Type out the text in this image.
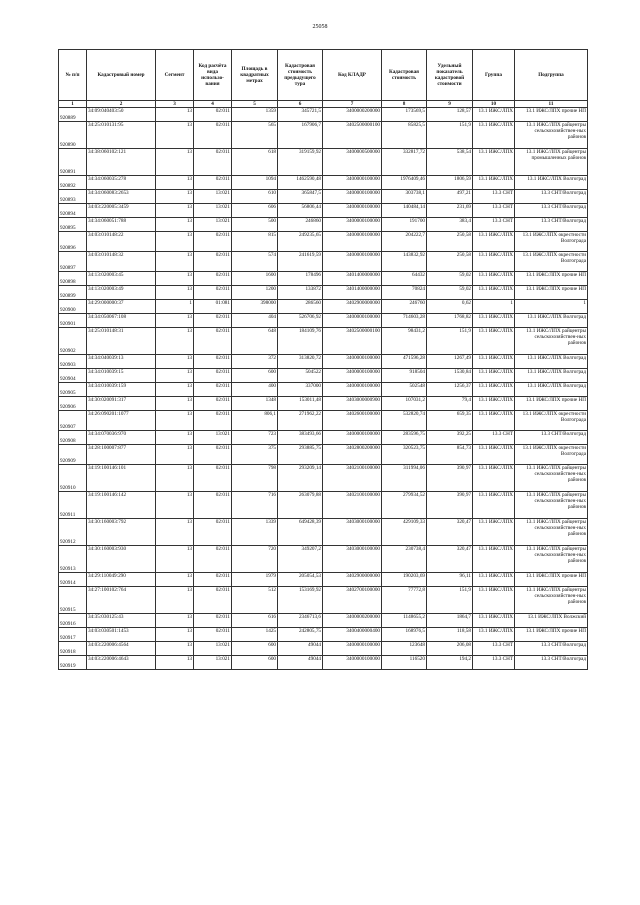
25058
№ п/п	Кадастровый номер	Сегмент	Код расчёта вида использо-вания	Площадь в квадратных метрах	Кадастровая стоимость предыдущего тура	Код КЛАДР	Кадастровая стоимость	Удельный показатель кадастровой стоимости	Группа	Подгруппа
1	2	3	4	5	6	7	8	9	10	11
920889	34:09:040403:50	13	02:011	1359	345721,5	3400000200000	173569,5	128,57	13.1 ИЖС/ЛПХ	13.1 ИЖС/ЛПХ прочие НП
920890	34:25:010131:95	13	02:011	565	167906,7	3402500000100	85825,5	151,9	13.1 ИЖС/ЛПХ	13.1 ИЖС/ЛПХ райцентры сельскохозяйствен-ных районов
920891	34:38:060102:121	13	02:011	618	319159,92	3400000500000	332817,72	538,54	13.1 ИЖС/ЛПХ	13.1 ИЖС/ЛПХ райцентры промышленных районов
920892	34:34:060035:278	13	02:011	1094	1462590,48	3400000100000	1976409,46	1806,59	13.1 ИЖС/ЛПХ	13.1 ИЖС/ЛПХ Волгоград
920893	34:34:060083:2653	13	13:021	610	365847,5	3400000100000	303738,1	497,21	13.3 СНТ	13.3 СНТ/Волгоград
920894	34:03:220005:3459	13	13:021	606	56806,44	3400000100000	140484,14	231,69	13.3 СНТ	13.3 СНТ/Волгоград
920895	34:34:060051:788	13	13:021	500	246860	3400000100000	191700	383,4	13.3 СНТ	13.3 СНТ/Волгоград
920896	34:03:010148:22	13	02:011	815	249235,65	3400000100000	204222,7	250,58	13.1 ИЖС/ЛПХ	13.1 ИЖС/ЛПХ окрестности Волгограда
920897	34:03:010148:32	13	02:011	574	241619,59	3400000100000	143832,92	250,58	13.1 ИЖС/ЛПХ	13.1 ИЖС/ЛПХ окрестности Волгограда
920898	34:13:020003:45	13	02:011	1600	178496	3401400000000	64432	59,02	13.1 ИЖС/ЛПХ	13.1 ИЖС/ЛПХ прочие НП
920899	34:13:020003:49	13	02:011	1200	133872	3401400000000	70824	59,02	13.1 ИЖС/ЛПХ	13.1 ИЖС/ЛПХ прочие НП
920900	34:29:000000:37	1	01:081	398000	286560	3402900000000	246760	0,62	1	1
920901	34:34:050067:108	13	02:011	404	526706,92	3400000100000	714603,28	1768,82	13.1 ИЖС/ЛПХ	13.1 ИЖС/ЛПХ Волгоград
920902	34:25:010148:31	13	02:011	648	184109,76	3402500000100	98431,2	151,9	13.1 ИЖС/ЛПХ	13.1 ИЖС/ЛПХ райцентры сельскохозяйствен-ных районов
920903	34:34:040039:13	13	02:011	372	313820,72	3400000100000	471596,28	1267,49	13.1 ИЖС/ЛПХ	13.1 ИЖС/ЛПХ Волгоград
920904	34:34:010039:15	13	02:011	600	504522	3400000100000	918504	1530,84	13.1 ИЖС/ЛПХ	13.1 ИЖС/ЛПХ Волгоград
920905	34:34:010039:159	13	02:011	400	337000	3400000100000	502548	1256,37	13.1 ИЖС/ЛПХ	13.1 ИЖС/ЛПХ Волгоград
920906	34:30:020091:317	13	02:011	1348	153011,48	3403000000900	107031,2	79,4	13.1 ИЖС/ЛПХ	13.1 ИЖС/ЛПХ прочие НП
920907	34:26:090201:1077	13	02:011	806,1	271962,22	3402600100000	532820,74	659,35	13.1 ИЖС/ЛПХ	13.1 ИЖС/ЛПХ окрестности Волгограда
920908	34:34:070036:970	13	13:021	723	383493,66	3400000100000	283596,75	392,25	13.3 СНТ	13.3 СНТ/Волгоград
920909	34:28:100007:877	13	02:011	375	293885,75	3402800200000	320523,75	854,73	13.1 ИЖС/ЛПХ	13.1 ИЖС/ЛПХ окрестности Волгограда
920910	34:19:100146:101	13	02:011	798	293209,14	3402100100000	311994,06	390,97	13.1 ИЖС/ЛПХ	13.1 ИЖС/ЛПХ райцентры сельскохозяйствен-ных районов
920911	34:19:100146:142	13	02:011	716	263079,88	3402100100000	279934,52	390,97	13.1 ИЖС/ЛПХ	13.1 ИЖС/ЛПХ райцентры сельскохозяйствен-ных районов
920912	34:30:160003:792	13	02:011	1339	649428,39	3403000100000	429109,33	320,47	13.1 ИЖС/ЛПХ	13.1 ИЖС/ЛПХ райцентры сельскохозяйствен-ных районов
920913	34:30:160003:930	13	02:011	720	349207,2	3403000100000	230738,4	320,47	13.1 ИЖС/ЛПХ	13.1 ИЖС/ЛПХ райцентры сельскохозяйствен-ных районов
920914	34:29:110049:290	13	02:011	1979	205054,53	3402900000000	190203,69	96,11	13.1 ИЖС/ЛПХ	13.1 ИЖС/ЛПХ прочие НП
920915	34:27:100102:764	13	02:011	512	153169,92	3402700100000	77772,8	151,9	13.1 ИЖС/ЛПХ	13.1 ИЖС/ЛПХ райцентры сельскохозяйствен-ных районов
920916	34:35:030125:43	13	02:011	616	2346713,6	3400000200000	1148655,2	1864,7	13.1 ИЖС/ЛПХ	13.1 ИЖС/ЛПХ Волжский
920917	34:03:030501:1453	13	02:011	1425	242805,75	3400400000400	168976,5	118,58	13.1 ИЖС/ЛПХ	13.1 ИЖС/ЛПХ прочие НП
920918	34:03:220006:4564	13	13:021	600	49044	3400000100000	123648	206,08	13.3 СНТ	13.3 СНТ/Волгоград
920919	34:03:220006:4643	13	13:021	600	49044	3400000100000	116520	194,2	13.3 СНТ	13.3 СНТ/Волгоград
